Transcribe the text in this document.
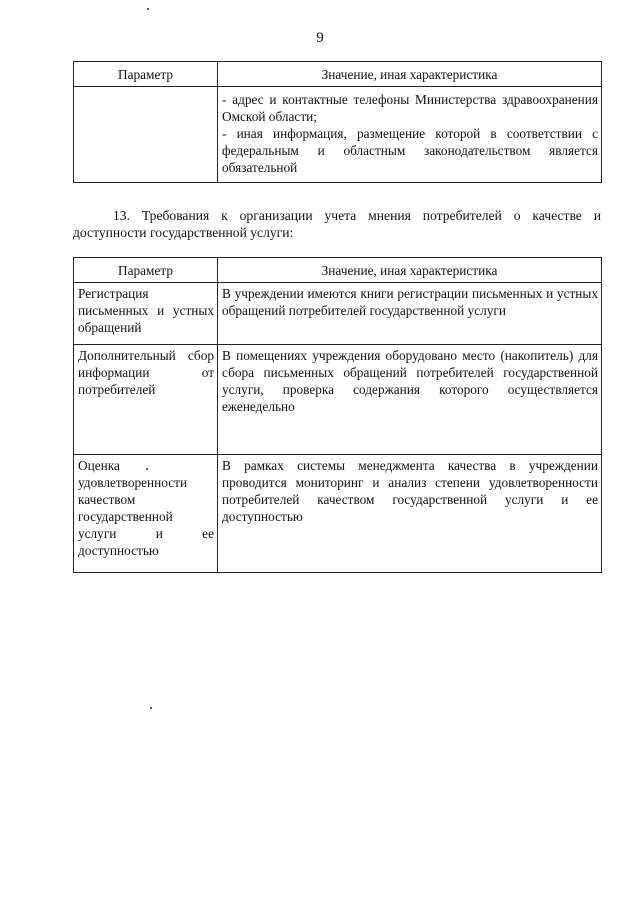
9
Параметр	Значение, иная характеристика
	- адрес и контактные телефоны Министерства здравоохранения Омской области;
- иная информация, размещение которой в соответствии с федеральным и областным законодательством является обязательной
13. Требования к организации учета мнения потребителей о качестве и доступности государственной услуги:
Параметр	Значение, иная характеристика
Регистрация письменных и устных обращений	В учреждении имеются книги регистрации письменных и устных обращений потребителей государственной услуги
Дополнительный сбор информации от потребителей	В помещениях учреждения оборудовано место (накопитель) для сбора письменных обращений потребителей государственной услуги, проверка содержания которого осуществляется еженедельно
Оценка удовлетворенности качеством государственной услуги и ее доступностью	В рамках системы менеджмента качества в учреждении проводится мониторинг и анализ степени удовлетворенности потребителей качеством государственной услуги и ее доступностью
